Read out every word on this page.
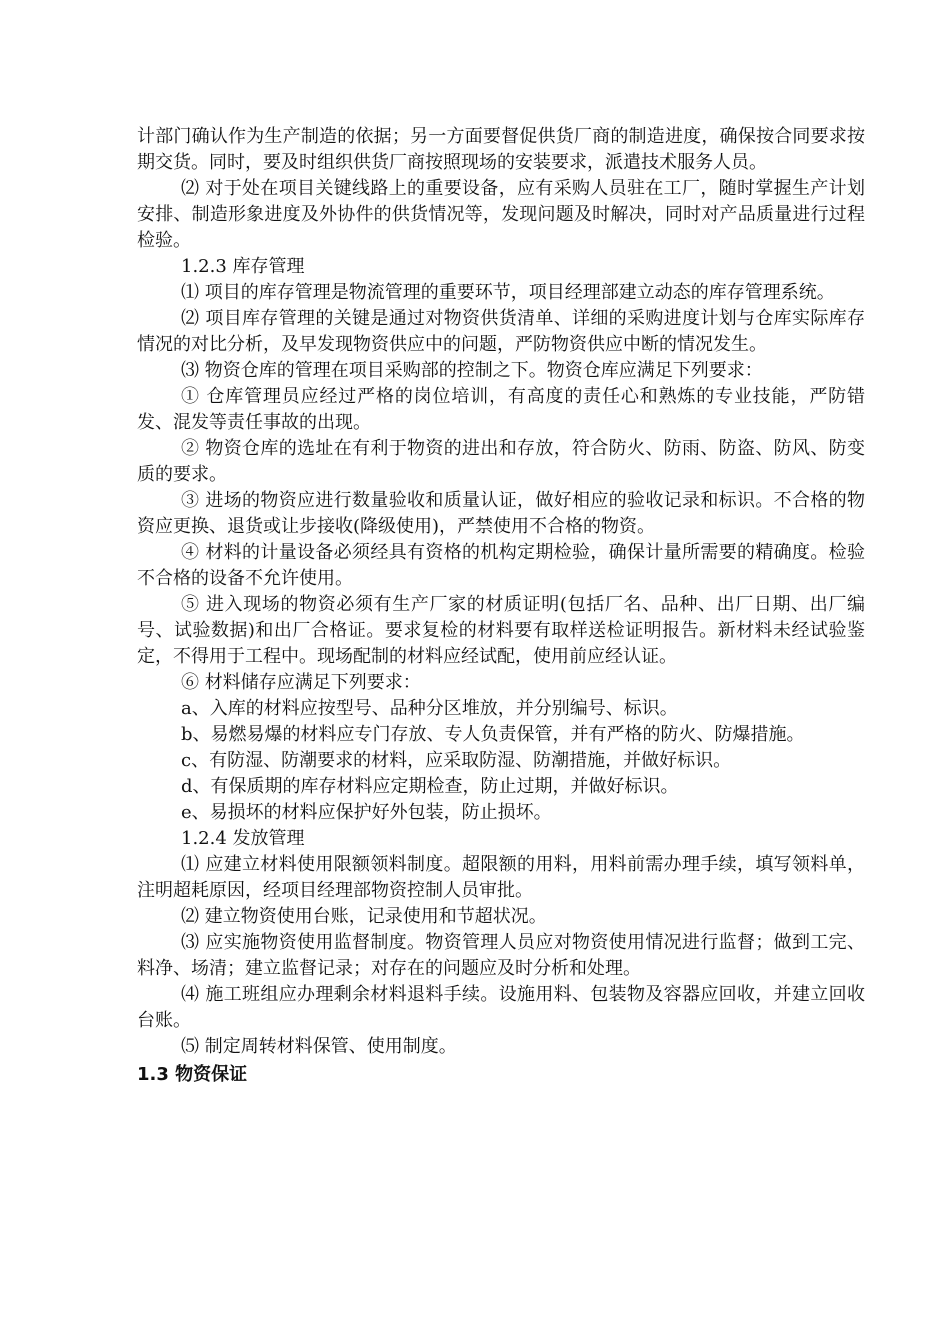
计部门确认作为生产制造的依据；另一方面要督促供货厂商的制造进度，确保按合同要求按期交货。同时，要及时组织供货厂商按照现场的安装要求，派遣技术服务人员。

⑵ 对于处在项目关键线路上的重要设备，应有采购人员驻在工厂，随时掌握生产计划安排、制造形象进度及外协件的供货情况等，发现问题及时解决，同时对产品质量进行过程检验。

1.2.3 库存管理

⑴ 项目的库存管理是物流管理的重要环节，项目经理部建立动态的库存管理系统。

⑵ 项目库存管理的关键是通过对物资供货清单、详细的采购进度计划与仓库实际库存情况的对比分析，及早发现物资供应中的问题，严防物资供应中断的情况发生。

⑶ 物资仓库的管理在项目采购部的控制之下。物资仓库应满足下列要求：

① 仓库管理员应经过严格的岗位培训，有高度的责任心和熟炼的专业技能，严防错发、混发等责任事故的出现。

② 物资仓库的选址在有利于物资的进出和存放，符合防火、防雨、防盗、防风、防变质的要求。

③ 进场的物资应进行数量验收和质量认证，做好相应的验收记录和标识。不合格的物资应更换、退货或让步接收(降级使用)，严禁使用不合格的物资。

④ 材料的计量设备必须经具有资格的机构定期检验，确保计量所需要的精确度。检验不合格的设备不允许使用。

⑤ 进入现场的物资必须有生产厂家的材质证明(包括厂名、品种、出厂日期、出厂编号、试验数据)和出厂合格证。要求复检的材料要有取样送检证明报告。新材料未经试验鉴定，不得用于工程中。现场配制的材料应经试配，使用前应经认证。

⑥ 材料储存应满足下列要求：

a、入库的材料应按型号、品种分区堆放，并分别编号、标识。

b、易燃易爆的材料应专门存放、专人负责保管，并有严格的防火、防爆措施。

c、有防湿、防潮要求的材料，应采取防湿、防潮措施，并做好标识。

d、有保质期的库存材料应定期检查，防止过期，并做好标识。

e、易损坏的材料应保护好外包装，防止损坏。

1.2.4 发放管理

⑴ 应建立材料使用限额领料制度。超限额的用料，用料前需办理手续，填写领料单，注明超耗原因，经项目经理部物资控制人员审批。

⑵ 建立物资使用台账，记录使用和节超状况。

⑶ 应实施物资使用监督制度。物资管理人员应对物资使用情况进行监督；做到工完、料净、场清；建立监督记录；对存在的问题应及时分析和处理。

⑷ 施工班组应办理剩余材料退料手续。设施用料、包装物及容器应回收，并建立回收台账。

⑸ 制定周转材料保管、使用制度。

1.3 物资保证
